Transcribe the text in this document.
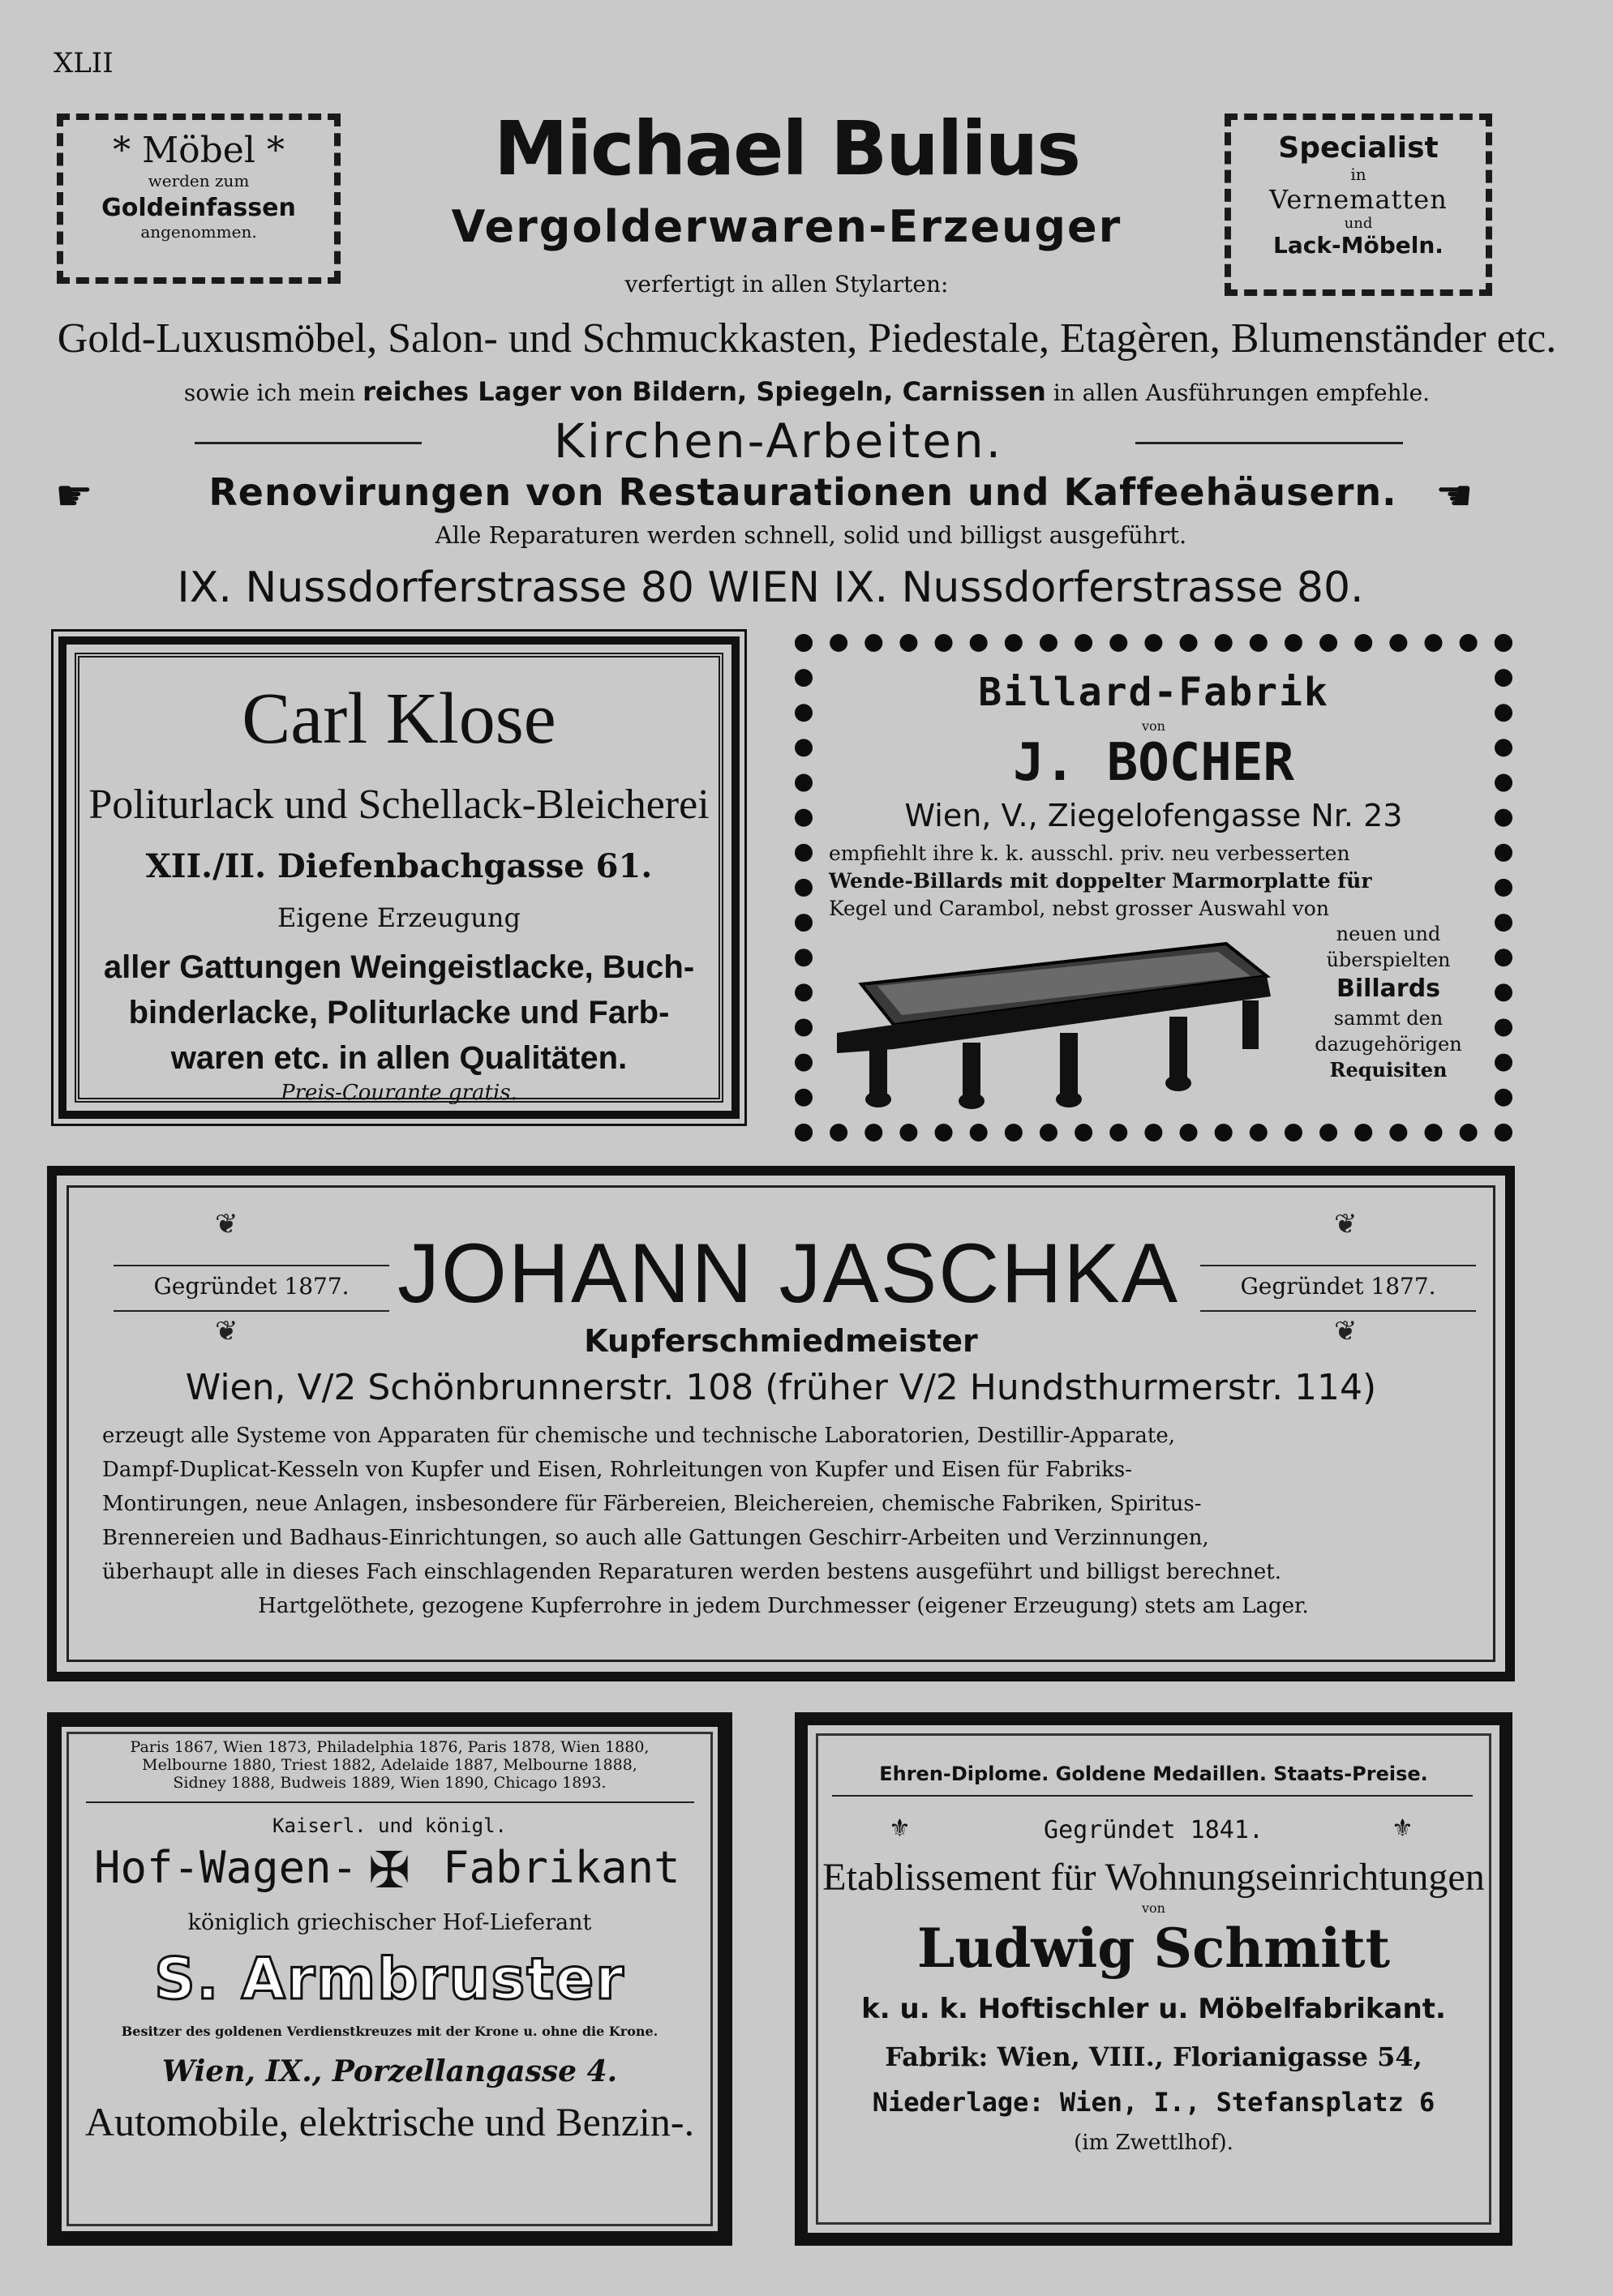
XLII
* Möbel *
werden zum
Goldeinfassen
angenommen.
Specialist
in
Vernematten
und
Lack-Möbeln.
Michael Bulius
Vergolderwaren-Erzeuger
verfertigt in allen Stylarten:
Gold-Luxusmöbel, Salon- und Schmuckkasten, Piedestale, Etagèren, Blumenständer etc.
sowie ich mein reiches Lager von Bildern, Spiegeln, Carnissen in allen Ausführungen empfehle.
Kirchen-Arbeiten.
☛	Renovirungen von Restaurationen und Kaffeehäusern. ☛
Alle Reparaturen werden schnell, solid und billigst ausgeführt.
IX. Nussdorferstrasse 80 WIEN IX. Nussdorferstrasse 80.
Carl Klose
Politurlack und Schellack-Bleicherei
XII./II. Diefenbachgasse 61.
Eigene Erzeugung
aller Gattungen Weingeistlacke, Buch-
binderlacke, Politurlacke und Farb-
waren etc. in allen Qualitäten.
Preis-Courante gratis.
Billard-Fabrik
von
J. BOCHER
Wien, V., Ziegelofengasse Nr. 23
empfiehlt ihre k. k. ausschl. priv. neu verbesserten
Wende-Billards mit doppelter Marmorplatte für
Kegel und Carambol, nebst grosser Auswahl von
neuen und
überspielten
Billards
sammt den
dazugehörigen
Requisiten
❦
Gegründet 1877.
❦
❦
Gegründet 1877.
❦
JOHANN JASCHKA
Kupferschmiedmeister
Wien, V/2 Schönbrunnerstr. 108 (früher V/2 Hundsthurmerstr. 114)
erzeugt alle Systeme von Apparaten für chemische und technische Laboratorien, Destillir-Apparate,
Dampf-Duplicat-Kesseln von Kupfer und Eisen, Rohrleitungen von Kupfer und Eisen für Fabriks-
Montirungen, neue Anlagen, insbesondere für Färbereien, Bleichereien, chemische Fabriken, Spiritus-
Brennereien und Badhaus-Einrichtungen, so auch alle Gattungen Geschirr-Arbeiten und Verzinnungen,
überhaupt alle in dieses Fach einschlagenden Reparaturen werden bestens ausgeführt und billigst berechnet.
Hartgelöthete, gezogene Kupferrohre in jedem Durchmesser (eigener Erzeugung) stets am Lager.
Paris 1867, Wien 1873, Philadelphia 1876, Paris 1878, Wien 1880,
Melbourne 1880, Triest 1882, Adelaide 1887, Melbourne 1888,
Sidney 1888, Budweis 1889, Wien 1890, Chicago 1893.
Kaiserl. und königl.
Hof-Wagen- ✠ Fabrikant
königlich griechischer Hof-Lieferant
S. Armbruster
Besitzer des goldenen Verdienstkreuzes mit der Krone u. ohne die Krone.
Wien, IX., Porzellangasse 4.
Automobile, elektrische und Benzin-.
Ehren-Diplome. Goldene Medaillen. Staats-Preise.
⚜	Gegründet 1841.	⚜
Etablissement für Wohnungseinrichtungen
von
Ludwig Schmitt
k. u. k. Hoftischler u. Möbelfabrikant.
Fabrik: Wien, VIII., Florianigasse 54,
Niederlage: Wien, I., Stefansplatz 6
(im Zwettlhof).
